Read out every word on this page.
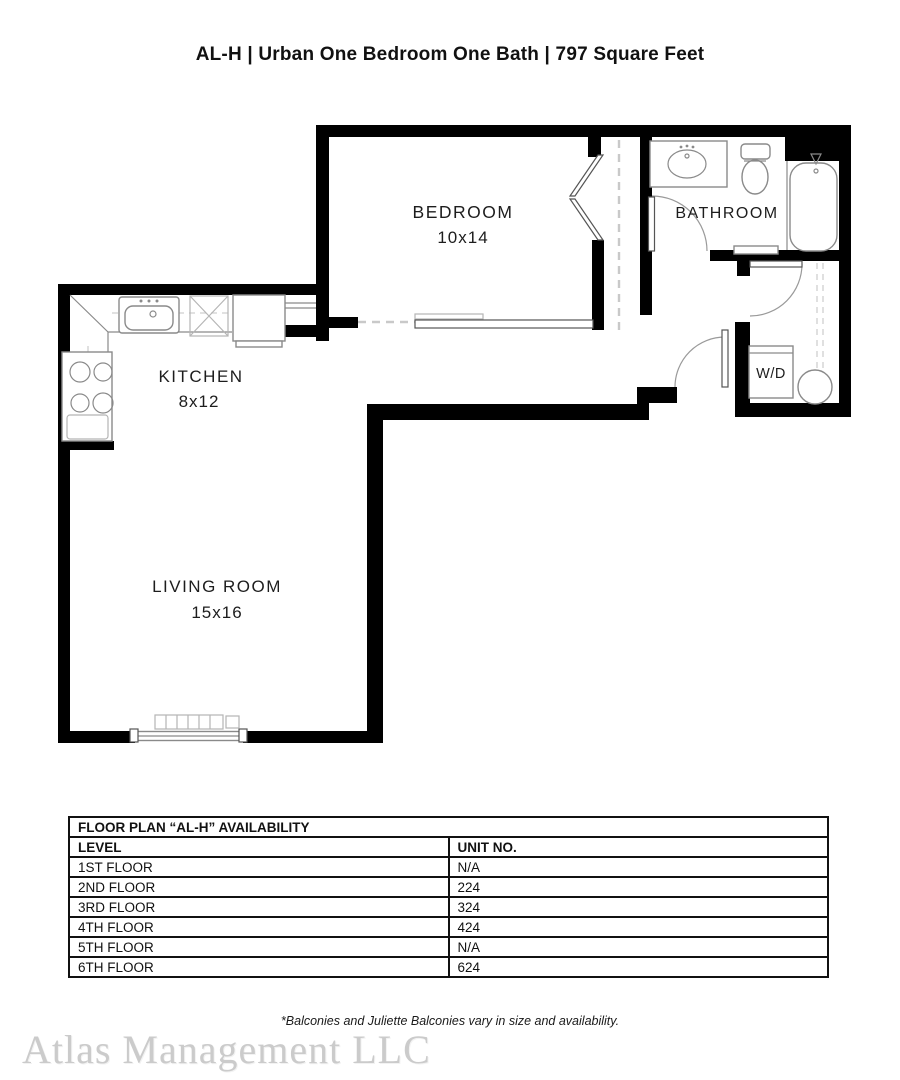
AL-H | Urban One Bedroom One Bath | 797 Square Feet
BEDROOM
10x14
BATHROOM
KITCHEN
8x12
LIVING ROOM
15x16
W/D
FLOOR PLAN “AL-H” AVAILABILITY	
LEVEL	UNIT NO.
1ST FLOOR	N/A
2ND FLOOR	224
3RD FLOOR	324
4TH FLOOR	424
5TH FLOOR	N/A
6TH FLOOR	624
*Balconies and Juliette Balconies vary in size and availability.
Atlas Management LLC
